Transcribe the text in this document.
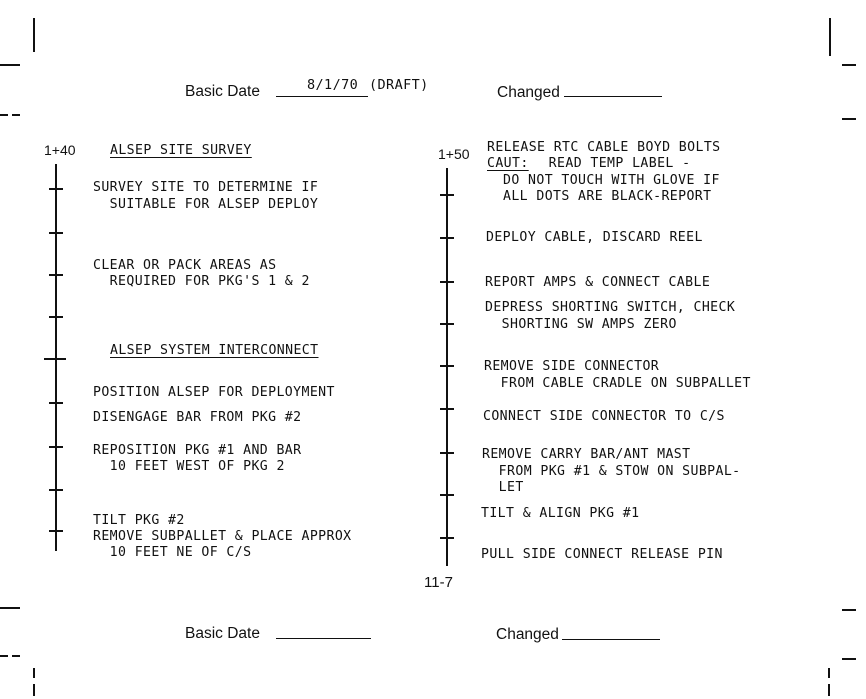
Basic Date	8/1/70 (DRAFT)	Changed
1+40	ALSEP SITE SURVEY
SURVEY SITE TO DETERMINE IF
SUITABLE FOR ALSEP DEPLOY
CLEAR OR PACK AREAS AS
REQUIRED FOR PKG'S 1 & 2
ALSEP SYSTEM INTERCONNECT
POSITION ALSEP FOR DEPLOYMENT
DISENGAGE BAR FROM PKG #2
REPOSITION PKG #1 AND BAR
10 FEET WEST OF PKG 2
TILT PKG #2
REMOVE SUBPALLET & PLACE APPROX
10 FEET NE OF C/S
1+50 RELEASE RTC CABLE BOYD BOLTS
CAUT: READ TEMP LABEL -
DO NOT TOUCH WITH GLOVE IF
ALL DOTS ARE BLACK-REPORT
DEPLOY CABLE, DISCARD REEL
REPORT AMPS & CONNECT CABLE
DEPRESS SHORTING SWITCH, CHECK
SHORTING SW AMPS ZERO
REMOVE SIDE CONNECTOR
FROM CABLE CRADLE ON SUBPALLET
CONNECT SIDE CONNECTOR TO C/S
REMOVE CARRY BAR/ANT MAST
FROM PKG #1 & STOW ON SUBPAL-
LET
TILT & ALIGN PKG #1
PULL SIDE CONNECT RELEASE PIN
11-7
Basic Date	Changed
